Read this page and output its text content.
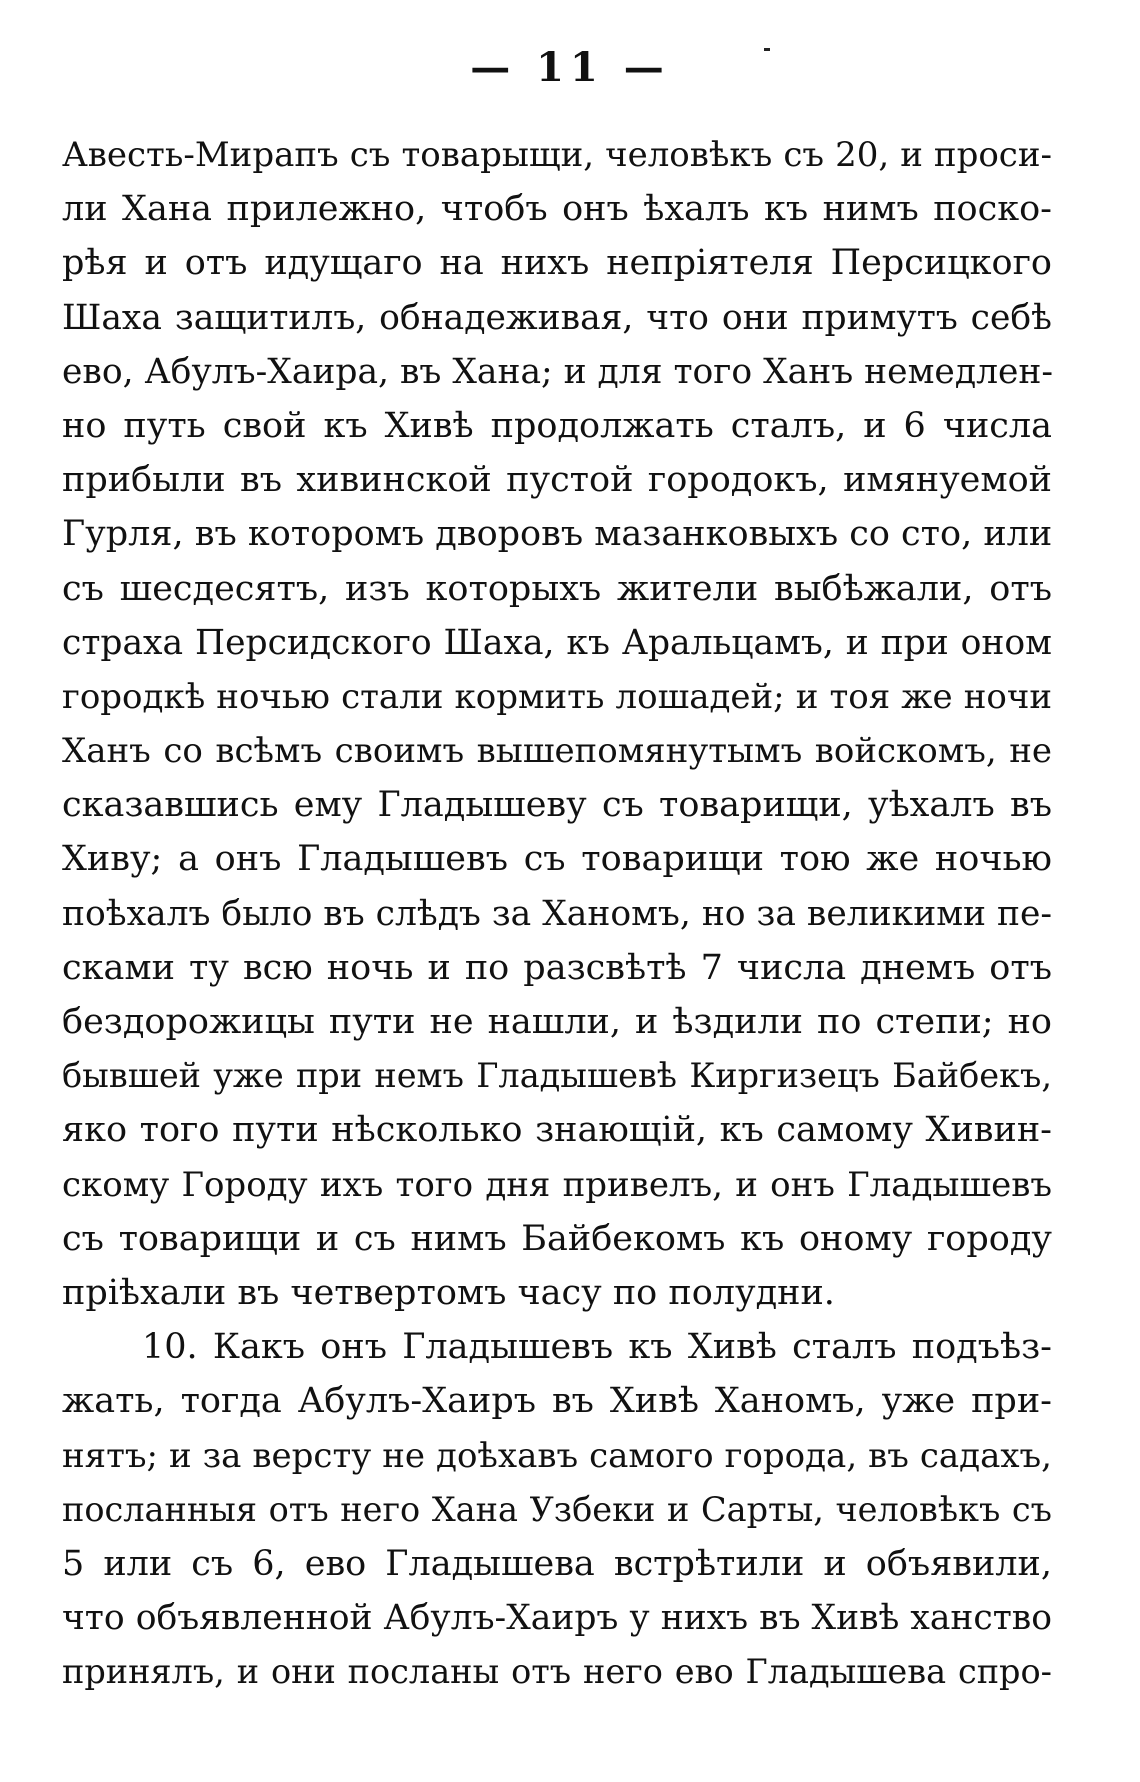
— 11 —
Авесть-Мирапъ съ товарыщи, человѣкъ съ 20, и проси-
ли Хана прилежно, чтобъ онъ ѣхалъ къ нимъ поско-
рѣя и отъ идущаго на нихъ непріятеля Персицкого
Шаха защитилъ, обнадеживая, что они примутъ себѣ
ево, Абулъ-Хаира, въ Хана; и для того Ханъ немедлен-
но путь свой къ Хивѣ продолжать сталъ, и 6 числа
прибыли въ хивинской пустой городокъ, имянуемой
Гурля, въ которомъ дворовъ мазанковыхъ со сто, или
съ шесдесятъ, изъ которыхъ жители выбѣжали, отъ
страха Персидского Шаха, къ Аральцамъ, и при оном
городкѣ ночью стали кормить лошадей; и тоя же ночи
Ханъ со всѣмъ своимъ вышепомянутымъ войскомъ, не
сказавшись ему Гладышеву съ товарищи, уѣхалъ въ
Хиву; а онъ Гладышевъ съ товарищи тою же ночью
поѣхалъ было въ слѣдъ за Ханомъ, но за великими пе-
сками ту всю ночь и по разсвѣтѣ 7 числа днемъ отъ
бездорожицы пути не нашли, и ѣздили по степи; но
бывшей уже при немъ Гладышевѣ Киргизецъ Байбекъ,
яко того пути нѣсколько знающій, къ самому Хивин-
скому Городу ихъ того дня привелъ, и онъ Гладышевъ
съ товарищи и съ нимъ Байбекомъ къ оному городу
пріѣхали въ четвертомъ часу по полудни.
10. Какъ онъ Гладышевъ къ Хивѣ сталъ подъѣз-
жать, тогда Абулъ-Хаиръ въ Хивѣ Ханомъ, уже при-
нятъ; и за версту не доѣхавъ самого города, въ садахъ,
посланныя отъ него Хана Узбеки и Сарты, человѣкъ съ
5 или съ 6, ево Гладышева встрѣтили и объявили,
что объявленной Абулъ-Хаиръ у нихъ въ Хивѣ ханство
принялъ, и они посланы отъ него ево Гладышева спро-
